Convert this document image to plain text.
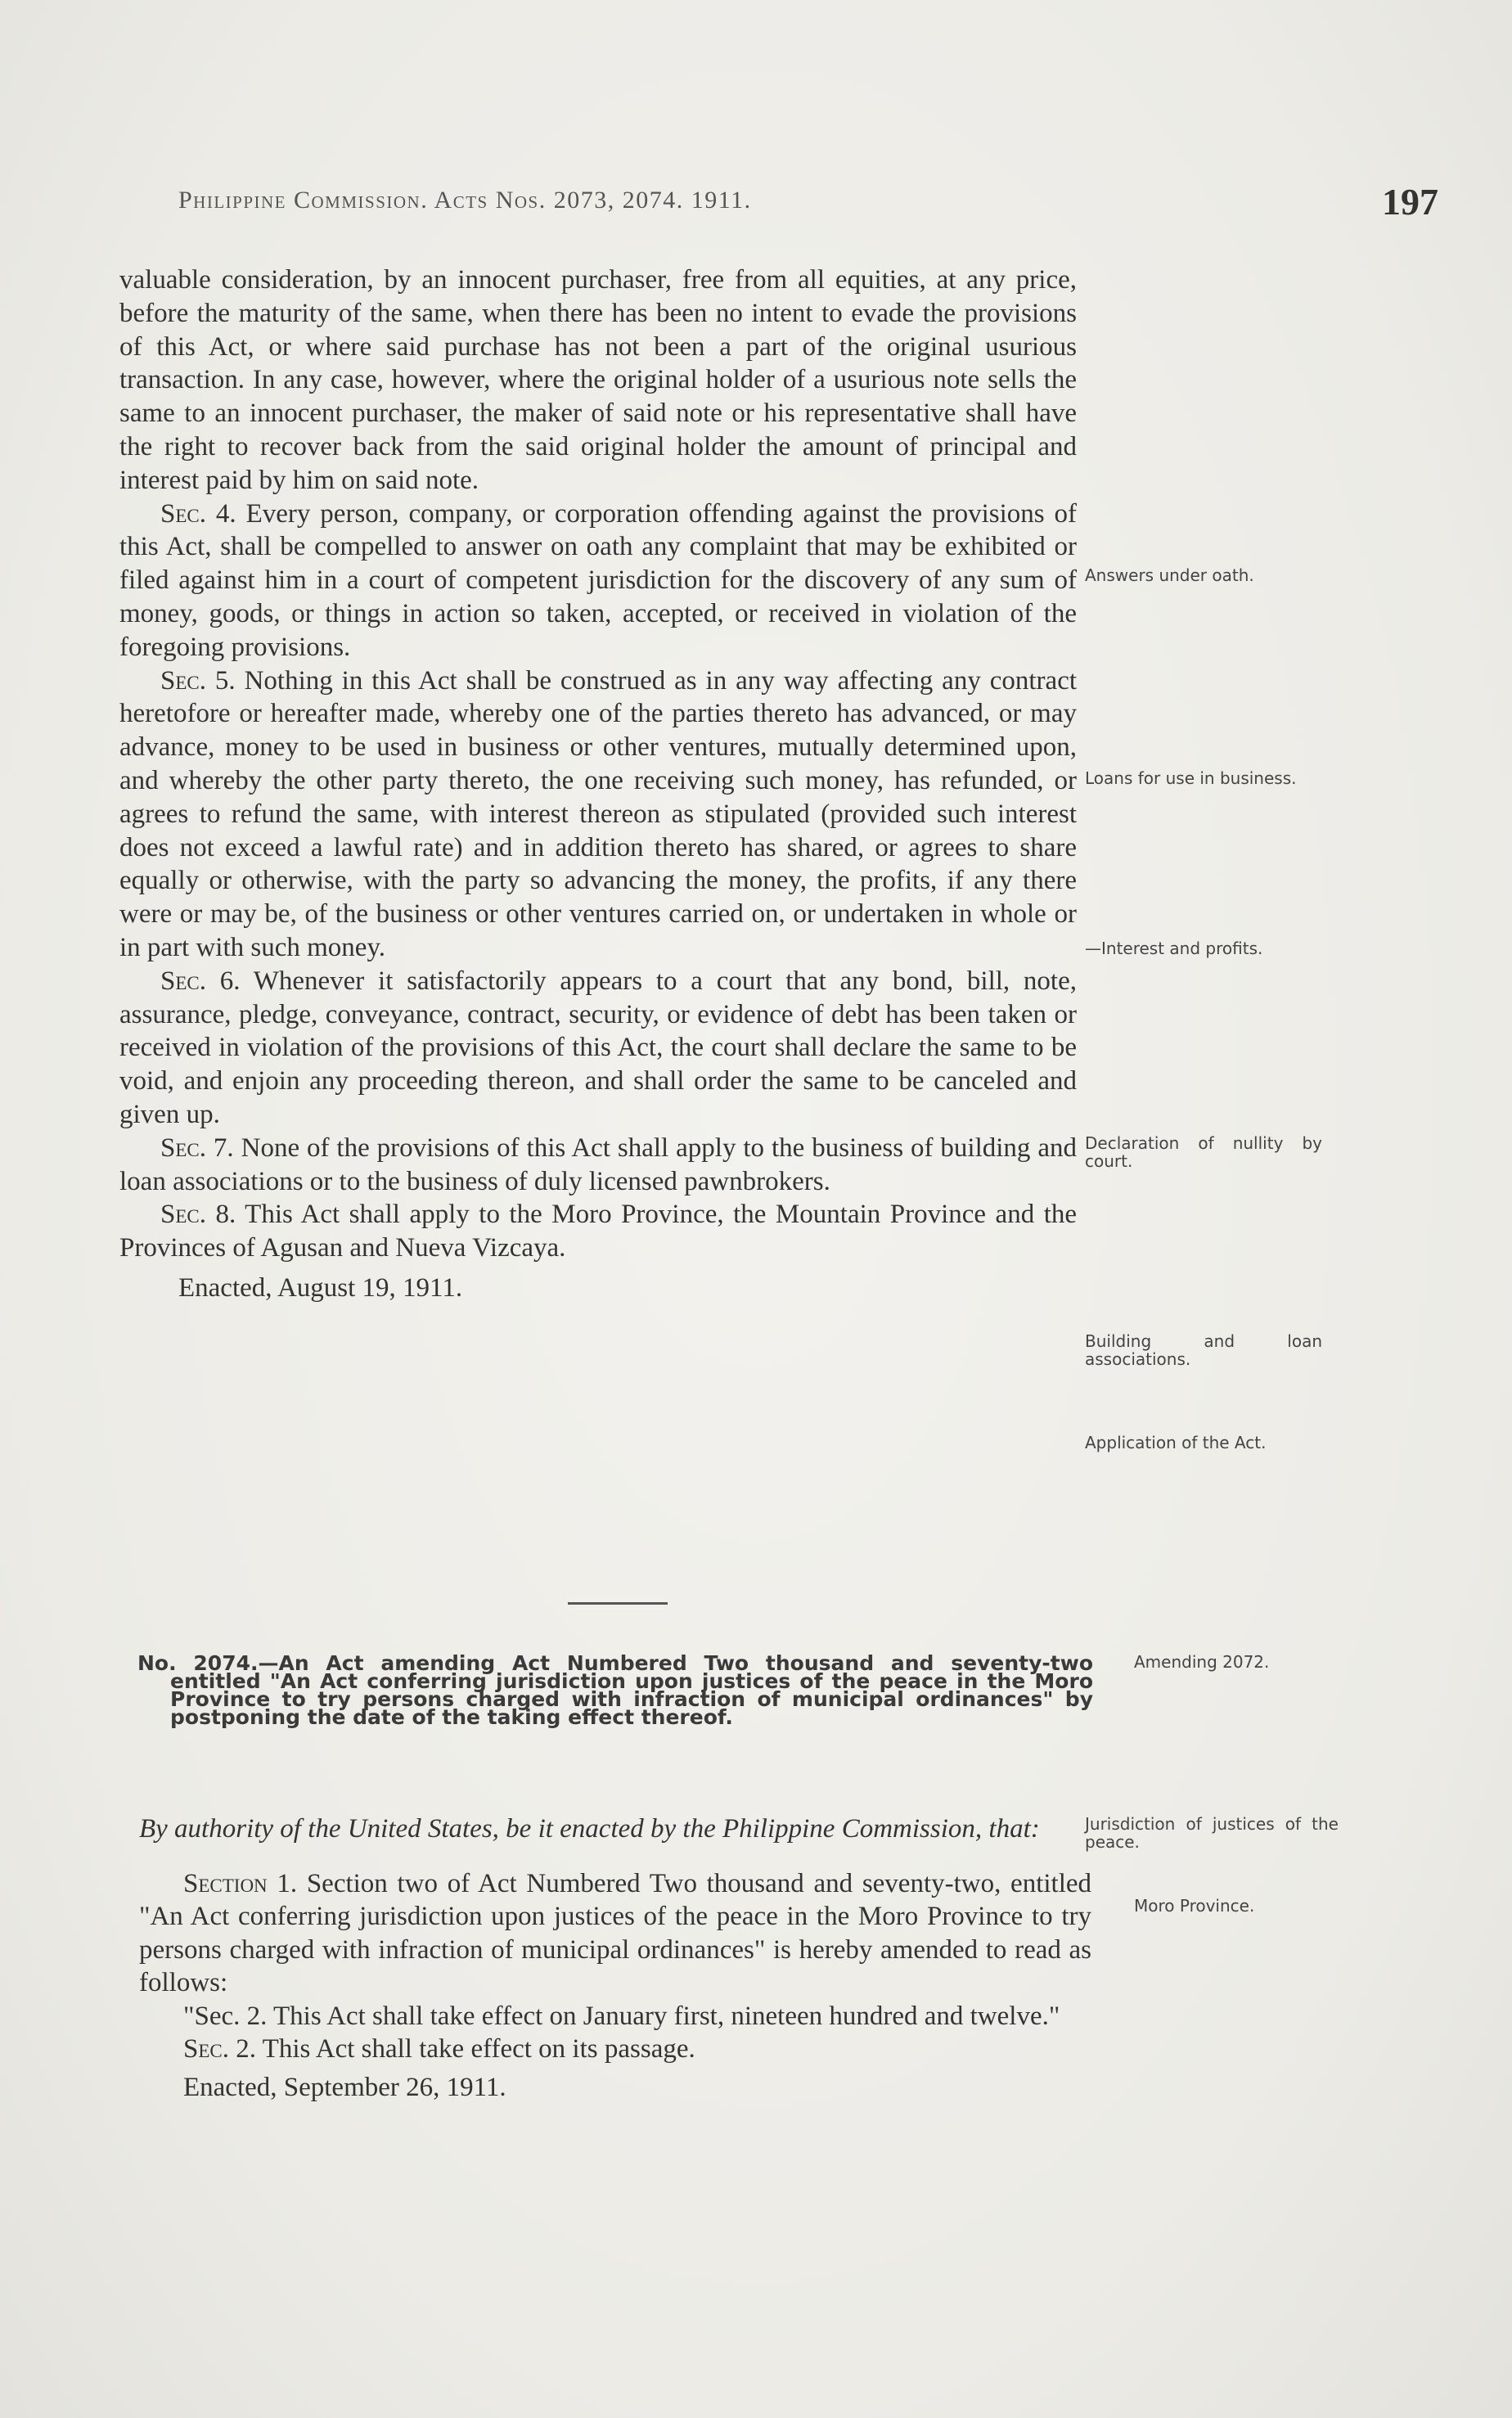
Philippine Commission. Acts Nos. 2073, 2074. 1911.	197

valuable consideration, by an innocent purchaser, free from all equities, at any price, before the maturity of the same, when there has been no intent to evade the provisions of this Act, or where said purchase has not been a part of the original usurious transaction. In any case, however, where the original holder of a usurious note sells the same to an innocent purchaser, the maker of said note or his representative shall have the right to recover back from the said original holder the amount of principal and interest paid by him on said note.

Sec. 4. Every person, company, or corporation offending against the provisions of this Act, shall be compelled to answer on oath any complaint that may be exhibited or filed against him in a court of competent jurisdiction for the discovery of any sum of money, goods, or things in action so taken, accepted, or received in violation of the foregoing provisions.

Sec. 5. Nothing in this Act shall be construed as in any way affecting any contract heretofore or hereafter made, whereby one of the parties thereto has advanced, or may advance, money to be used in business or other ventures, mutually determined upon, and whereby the other party thereto, the one receiving such money, has refunded, or agrees to refund the same, with interest thereon as stipulated (provided such interest does not exceed a lawful rate) and in addition thereto has shared, or agrees to share equally or otherwise, with the party so advancing the money, the profits, if any there were or may be, of the business or other ventures carried on, or undertaken in whole or in part with such money.

Sec. 6. Whenever it satisfactorily appears to a court that any bond, bill, note, assurance, pledge, conveyance, contract, security, or evidence of debt has been taken or received in violation of the provisions of this Act, the court shall declare the same to be void, and enjoin any proceeding thereon, and shall order the same to be canceled and given up.

Sec. 7. None of the provisions of this Act shall apply to the business of building and loan associations or to the business of duly licensed pawnbrokers.

Sec. 8. This Act shall apply to the Moro Province, the Mountain Province and the Provinces of Agusan and Nueva Vizcaya.

Enacted, August 19, 1911.

No. 2074.—An Act amending Act Numbered Two thousand and seventy-two entitled "An Act conferring jurisdiction upon justices of the peace in the Moro Province to try persons charged with infraction of municipal ordinances" by postponing the date of the taking effect thereof.

By authority of the United States, be it enacted by the Philippine Commission, that:

Section 1. Section two of Act Numbered Two thousand and seventy-two, entitled "An Act conferring jurisdiction upon justices of the peace in the Moro Province to try persons charged with infraction of municipal ordinances" is hereby amended to read as follows:

"Sec. 2. This Act shall take effect on January first, nineteen hundred and twelve."

Sec. 2. This Act shall take effect on its passage.

Enacted, September 26, 1911.

Answers under oath.
Loans for use in business.
—Interest and profits.
Declaration of nullity by court.
Building and loan associations.
Application of the Act.
Amending 2072.
Jurisdiction of justices of the peace.
Moro Province.
